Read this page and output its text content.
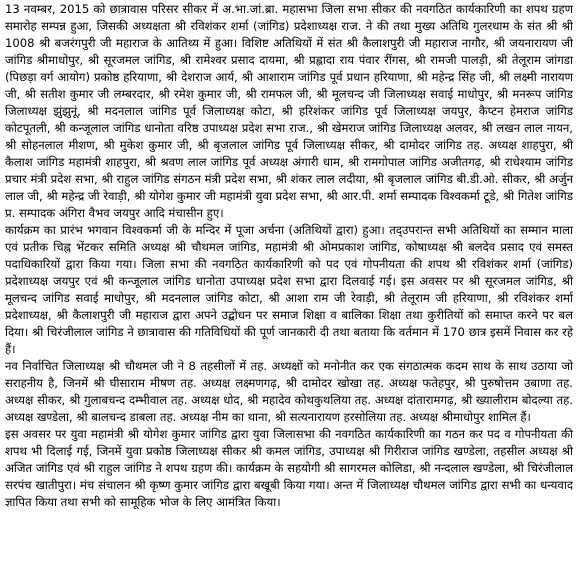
13 नवम्बर, 2015 को छात्रावास परिसर सीकर में अ.भा.जां.ब्रा. महासभा जिला सभा सीकर की नवगठित कार्यकारिणी का शपथ ग्रहण समारोह सम्पन्न हुआ, जिसकी अध्यक्षता श्री रविशंकर शर्मा (जांगिड) प्रदेशाध्यक्ष राज. ने की तथा मुख्य अतिथि गुलरधाम के संत श्री श्री 1008 श्री बजरंगपुरी जी महाराज के आतिथ्य में हुआ। विशिष्ट अतिथियों में संत श्री कैलाशपुरी जी महाराज नागौर, श्री जयनारायण जी जांगिड श्रीमाधोपुर, श्री सूरजमल जांगिड, श्री रामेश्वर प्रसाद दायमा, श्री प्रह्लादा राय पंवार रींगस, श्री रामजी पालड़ी, श्री तेलूराम जांगडा (पिछड़ा वर्ग आयोग) प्रकोष्ठ हरियाणा, श्री देशराज आर्य, श्री आशाराम जांगिड पूर्व प्रधान हरियाणा, श्री महेन्द्र सिंह जी, श्री लक्ष्मी नारायण जी, श्री सतीश कुमार जी लम्बरदार, श्री रमेश कुमार जी, श्री रामफल जी, श्री मूलचन्द जी जिलाध्यक्ष सवाई माधोपुर, श्री मनरूप जांगिड जिलाध्यक्ष झुंझुनूं, श्री मदनलाल जांगिड पूर्व जिलाध्यक्ष कोटा, श्री हरिशंकर जांगिड पूर्व जिलाध्यक्ष जयपुर, कैप्टन हेमराज जांगिड कोटपूतली, श्री कन्जूलाल जांगिड धानोता वरिष्ठ उपाध्यक्ष प्रदेश सभा राज., श्री खेमराज जांगिड जिलाध्यक्ष अलवर, श्री लखन लाल नायन, श्री सोहनलाल मीशण, श्री मुकेश कुमार जी, श्री बृजलाल जांगिड पूर्व जिलाध्यक्ष सीकर, श्री दामोदर जांगिड तह. अध्यक्ष शाहपुरा, श्री कैलाश जांगिड महामंत्री शाहपुरा, श्री श्रवण लाल जांगिड पूर्व अध्यक्ष अंगारी धाम, श्री रामगोपाल जांगिड अजीतगढ़, श्री राधेश्याम जांगिड प्रचार मंत्री प्रदेश सभा, श्री राहुल जांगिड संगठन मंत्री प्रदेश सभा, श्री शंकर लाल लदीया, श्री बृजलाल जांगिड बी.डी.ओ. सीकर, श्री अर्जुन लाल जी, श्री महेन्द्र जी रेवाड़ी, श्री योगेश कुमार जी महामंत्री युवा प्रदेश सभा, श्री आर.पी. शर्मा सम्पादक विश्वकर्मा टूडे, श्री गितेश जांगिड प्र. सम्पादक अंगिरा वैभव जयपुर आदि मंचासीन हुए।

कार्यक्रम का प्रारंभ भगवान विश्वकर्मा जी के मन्दिर में पूजा अर्चना (अतिथियों द्वारा) हुआ। तद्उपरान्त सभी अतिथियों का सम्मान माला एवं प्रतीक चिह्न भेंटकर समिति अध्यक्ष श्री चौथमल जांगिड, महामंत्री श्री ओमप्रकाश जांगिड, कोषाध्यक्ष श्री बलदेव प्रसाद एवं समस्त पदाधिकारियों द्वारा किया गया। जिला सभा की नवगठित कार्यकारिणी को पद एवं गोपनीयता की शपथ श्री रविशंकर शर्मा (जांगिड) प्रदेशाध्यक्ष जयपुर एवं श्री कन्जूलाल जांगिड धानोता उपाध्यक्ष प्रदेश सभा द्वारा दिलवाई गई। इस अवसर पर श्री सूरजमल जांगिड, श्री मूलचन्द जांगिड सवाई माधोपुर, श्री मदनलाल जांगिड कोटा, श्री आशा राम जी रेवाड़ी, श्री तेलूराम जी हरियाणा, श्री रविशंकर शर्मा प्रदेशाध्यक्ष, श्री कैलाशपुरी जी महाराज द्वारा अपने उद्बोधन पर समाज शिक्षा व बालिका शिक्षा तथा कुरीतियों को समाप्त करने पर बल दिया। श्री चिरंजीलाल जांगिड ने छात्रावास की गतिविधियों की पूर्ण जानकारी दी तथा बताया कि वर्तमान में 170 छात्र इसमें निवास कर रहे हैं।

नव निर्वाचित जिलाध्यक्ष श्री चौथमल जी ने 8 तहसीलों में तह. अध्यक्षों को मनोनीत कर एक संगठात्मक कदम साथ के साथ उठाया जो सराहनीय है, जिनमें श्री घीसाराम मीषण तह. अध्यक्ष लक्ष्मणगढ़, श्री दामोदर खोखा तह. अध्यक्ष फतेहपुर, श्री पुरुषोत्तम उबाणा तह. अध्यक्ष सीकर, श्री गुलाबचन्द दम्भीवाल तह. अध्यक्ष धोद, श्री महादेव कोथकुथलिया तह. अध्यक्ष दांतारामगढ़, श्री ख्यालीराम बोदल्या तह. अध्यक्ष खण्डेला, श्री बालचन्द डाबला तह. अध्यक्ष नीम का थाना, श्री सत्यनारायण हरसोलिया तह. अध्यक्ष श्रीमाधोपुर शामिल हैं।

इस अवसर पर युवा महामंत्री श्री योगेश कुमार जांगिड द्वारा युवा जिलासभा की नवगठित कार्यकारिणी का गठन कर पद व गोपनीयता की शपथ भी दिलाई गई, जिनमें युवा प्रकोष्ठ जिलाध्यक्ष सीकर श्री कमल जांगिड, उपाध्यक्ष श्री गिरीराज जांगिड खण्डेला, तहसील अध्यक्ष श्री अजित जांगिड एवं श्री राहुल जांगिड ने शपथ ग्रहण की। कार्यक्रम के सहयोगी श्री सागरमल कोलिडा, श्री नन्दलाल खण्डेला, श्री चिरंजीलाल सरपंच खातीपुरा। मंच संचालन श्री कृष्ण कुमार जांगिड द्वारा बखूबी किया गया। अन्त में जिलाध्यक्ष चौथमल जांगिड द्वारा सभी का धन्यवाद ज्ञापित किया तथा सभी को सामूहिक भोज के लिए आमंत्रित किया।
